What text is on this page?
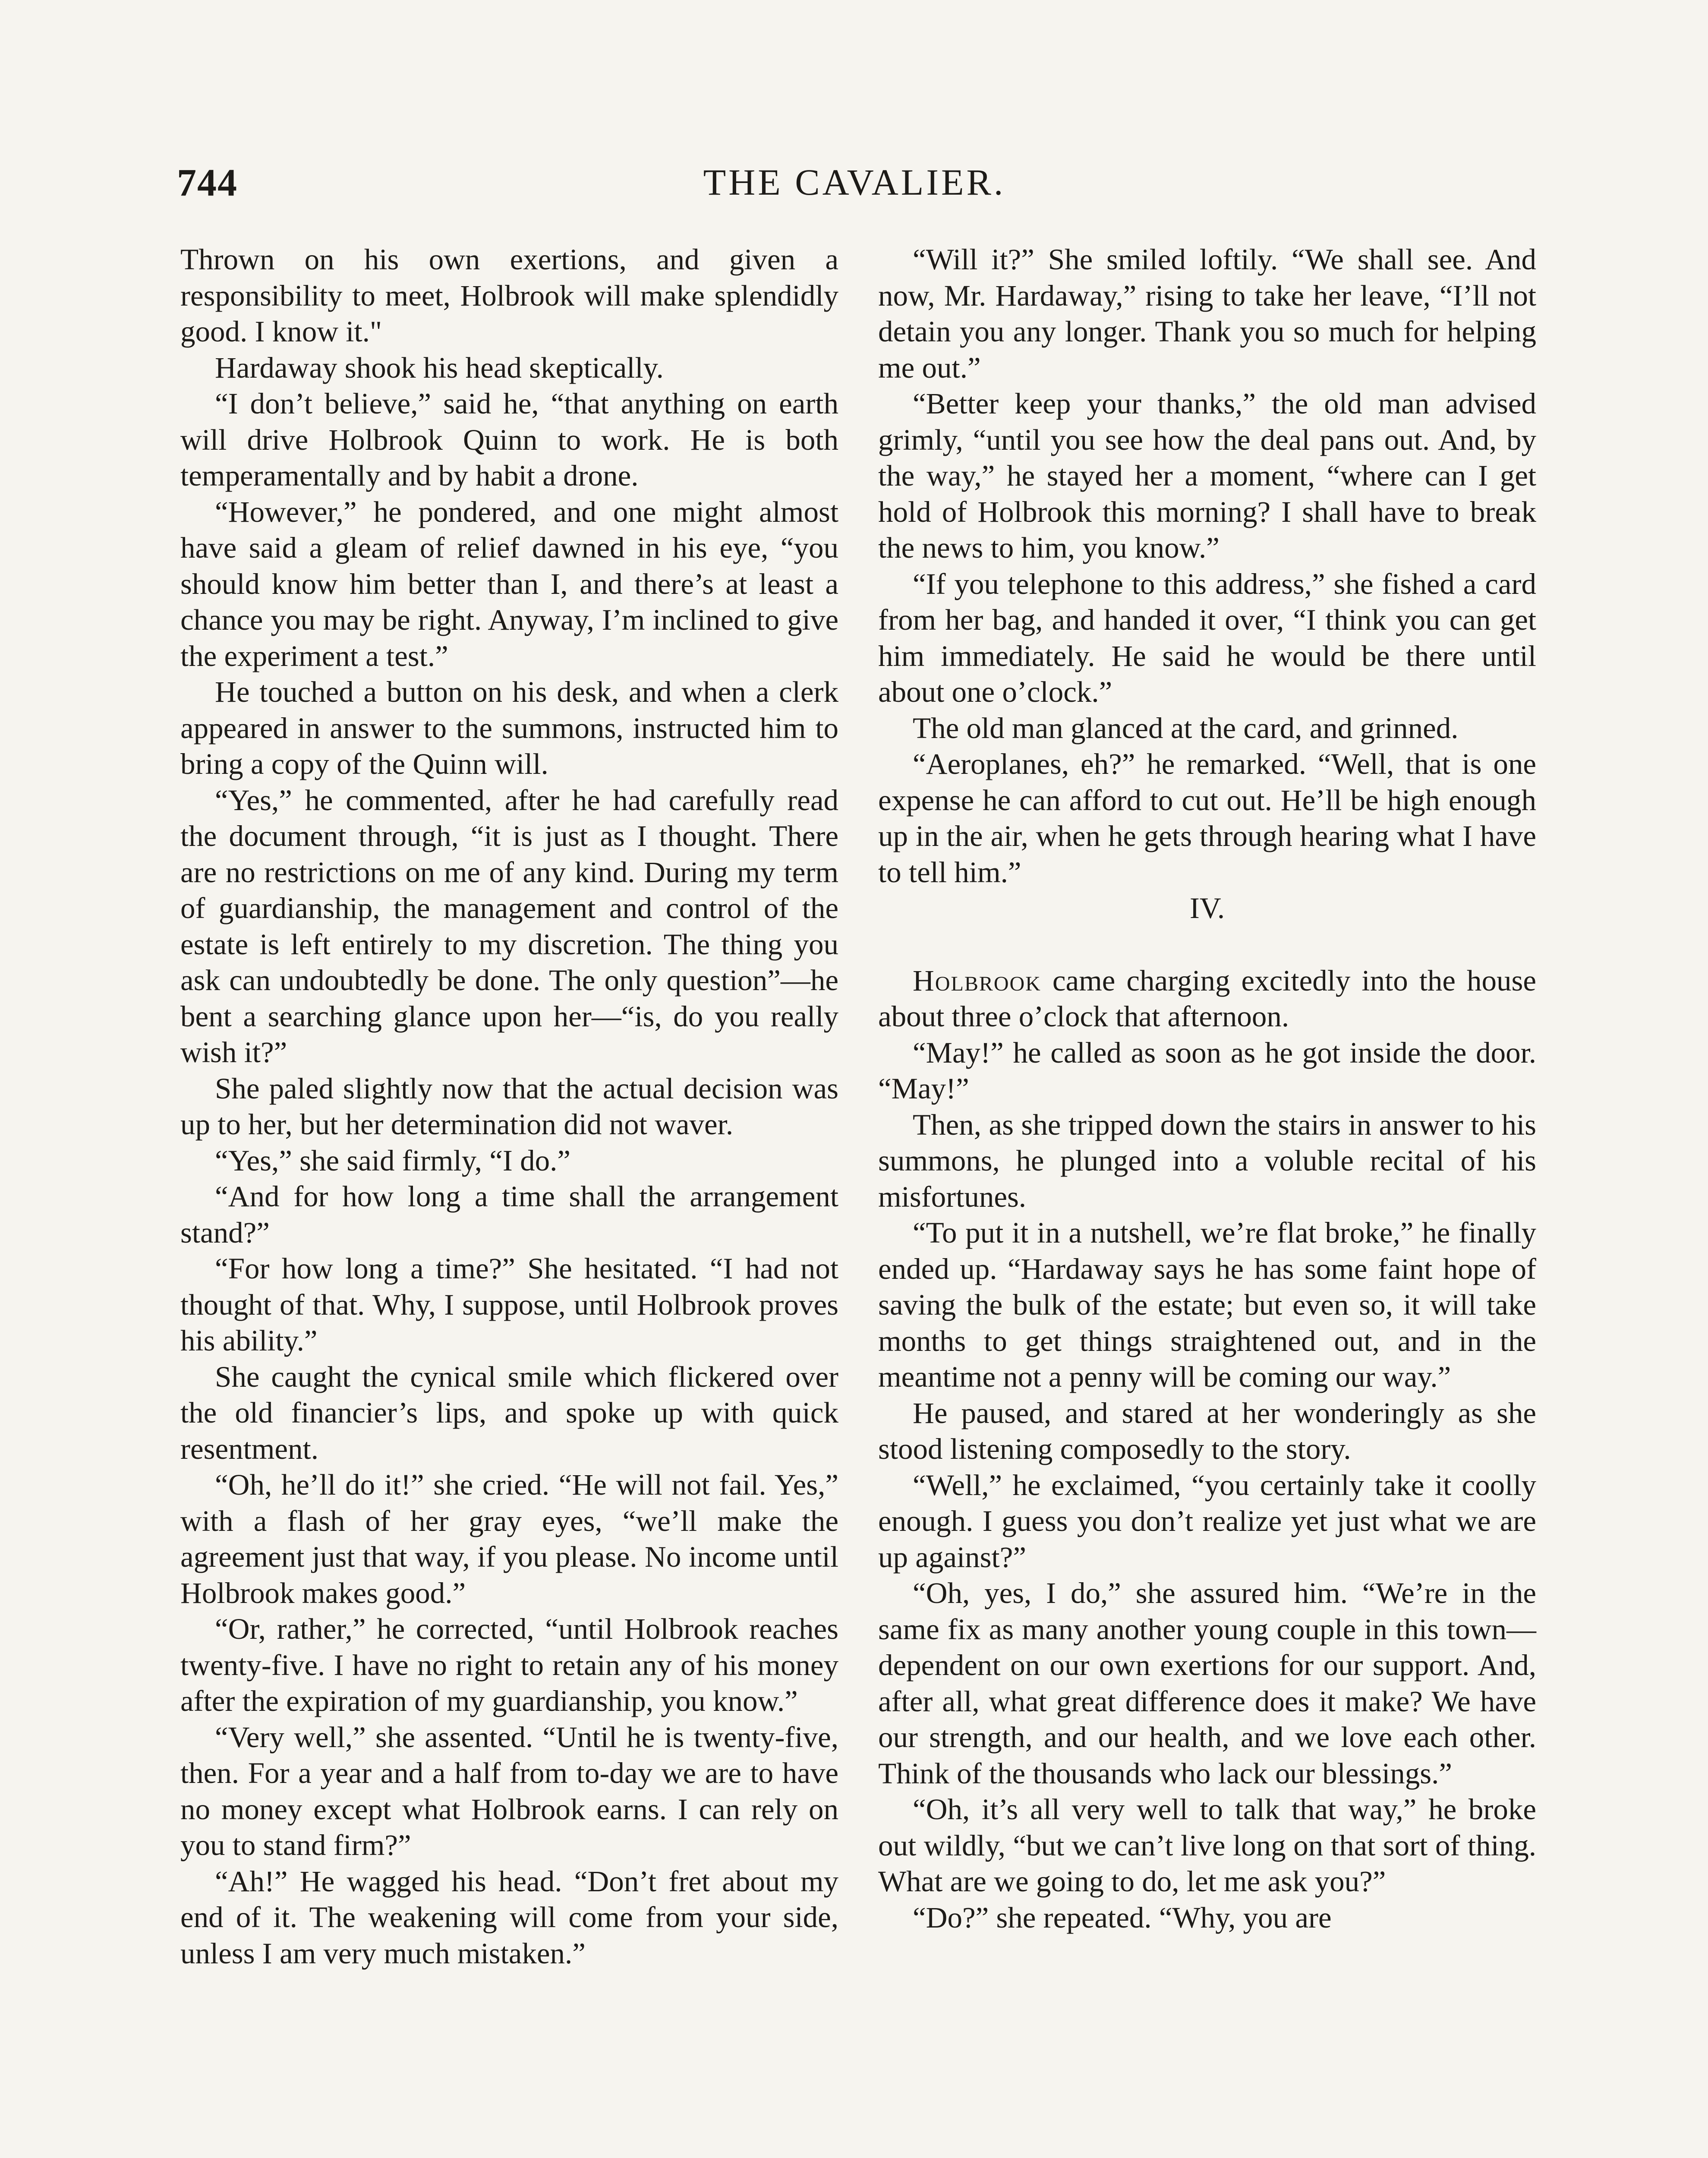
744	THE CAVALIER.

Thrown on his own exertions, and given a responsibility to meet, Holbrook will make splendidly good. I know it."

Hardaway shook his head skeptically.

“I don’t believe,” said he, “that anything on earth will drive Holbrook Quinn to work. He is both temperamentally and by habit a drone.

“However,” he pondered, and one might almost have said a gleam of relief dawned in his eye, “you should know him better than I, and there’s at least a chance you may be right. Anyway, I’m inclined to give the experiment a test.”

He touched a button on his desk, and when a clerk appeared in answer to the summons, instructed him to bring a copy of the Quinn will.

“Yes,” he commented, after he had carefully read the document through, “it is just as I thought. There are no restrictions on me of any kind. During my term of guardianship, the management and control of the estate is left entirely to my discretion. The thing you ask can undoubtedly be done. The only question”—he bent a searching glance upon her—“is, do you really wish it?”

She paled slightly now that the actual decision was up to her, but her determination did not waver.

“Yes,” she said firmly, “I do.”

“And for how long a time shall the arrangement stand?”

“For how long a time?” She hesitated. “I had not thought of that. Why, I suppose, until Holbrook proves his ability.”

She caught the cynical smile which flickered over the old financier’s lips, and spoke up with quick resentment.

“Oh, he’ll do it!” she cried. “He will not fail. Yes,” with a flash of her gray eyes, “we’ll make the agreement just that way, if you please. No income until Holbrook makes good.”

“Or, rather,” he corrected, “until Holbrook reaches twenty-five. I have no right to retain any of his money after the expiration of my guardianship, you know.”

“Very well,” she assented. “Until he is twenty-five, then. For a year and a half from to-day we are to have no money except what Holbrook earns. I can rely on you to stand firm?”

“Ah!” He wagged his head. “Don’t fret about my end of it. The weakening will come from your side, unless I am very much mistaken.”

“Will it?” She smiled loftily. “We shall see. And now, Mr. Hardaway,” rising to take her leave, “I’ll not detain you any longer. Thank you so much for helping me out.”

“Better keep your thanks,” the old man advised grimly, “until you see how the deal pans out. And, by the way,” he stayed her a moment, “where can I get hold of Holbrook this morning? I shall have to break the news to him, you know.”

“If you telephone to this address,” she fished a card from her bag, and handed it over, “I think you can get him immediately. He said he would be there until about one o’clock.”

The old man glanced at the card, and grinned.

“Aeroplanes, eh?” he remarked. “Well, that is one expense he can afford to cut out. He’ll be high enough up in the air, when he gets through hearing what I have to tell him.”

IV.

Holbrook came charging excitedly into the house about three o’clock that afternoon.

“May!” he called as soon as he got inside the door. “May!”

Then, as she tripped down the stairs in answer to his summons, he plunged into a voluble recital of his misfortunes.

“To put it in a nutshell, we’re flat broke,” he finally ended up. “Hardaway says he has some faint hope of saving the bulk of the estate; but even so, it will take months to get things straightened out, and in the meantime not a penny will be coming our way.”

He paused, and stared at her wonderingly as she stood listening composedly to the story.

“Well,” he exclaimed, “you certainly take it coolly enough. I guess you don’t realize yet just what we are up against?”

“Oh, yes, I do,” she assured him. “We’re in the same fix as many another young couple in this town—dependent on our own exertions for our support. And, after all, what great difference does it make? We have our strength, and our health, and we love each other. Think of the thousands who lack our blessings.”

“Oh, it’s all very well to talk that way,” he broke out wildly, “but we can’t live long on that sort of thing. What are we going to do, let me ask you?”

“Do?” she repeated. “Why, you are
